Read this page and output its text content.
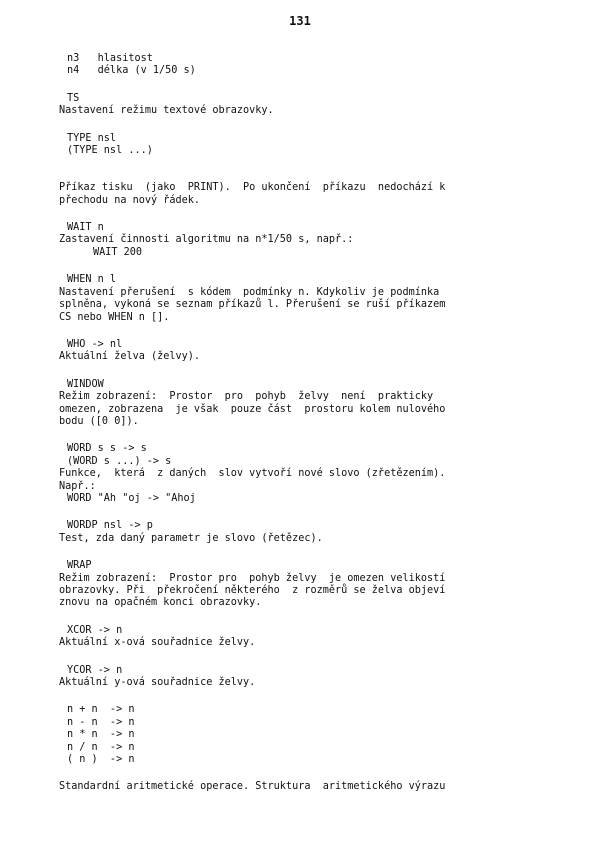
131
n3   hlasitost
n4   délka (v 1/50 s)
TS
Nastavení režimu textové obrazovky.
TYPE nsl
(TYPE nsl ...)

Příkaz tisku  (jako  PRINT).  Po ukončení  příkazu  nedochází k
přechodu na nový řádek.
WAIT n
Zastavení činnosti algoritmu na n*1/50 s, např.:
WAIT 200
WHEN n l
Nastavení přerušení  s kódem  podmínky n. Kdykoliv je podmínka
splněna, vykoná se seznam příkazů l. Přerušení se ruší příkazem
CS nebo WHEN n [].
WHO -> nl
Aktuální želva (želvy).
WINDOW
Režim zobrazení:  Prostor  pro  pohyb  želvy  není  prakticky
omezen, zobrazena  je však  pouze část  prostoru kolem nulového
bodu ([0 0]).
WORD s s -> s
(WORD s ...) -> s
Funkce,  která  z daných  slov vytvoří nové slovo (zřetězením).
Např.:
WORD "Ah "oj -> "Ahoj
WORDP nsl -> p
Test, zda daný parametr je slovo (řetězec).
WRAP
Režim zobrazení:  Prostor pro  pohyb želvy  je omezen velikostí
obrazovky. Při  překročení některého  z rozměrů se želva objeví
znovu na opačném konci obrazovky.
XCOR -> n
Aktuální x-ová souřadnice želvy.
YCOR -> n
Aktuální y-ová souřadnice želvy.
n + n  -> n
n - n  -> n
n * n  -> n
n / n  -> n
( n )  -> n
Standardní aritmetické operace. Struktura  aritmetického výrazu
